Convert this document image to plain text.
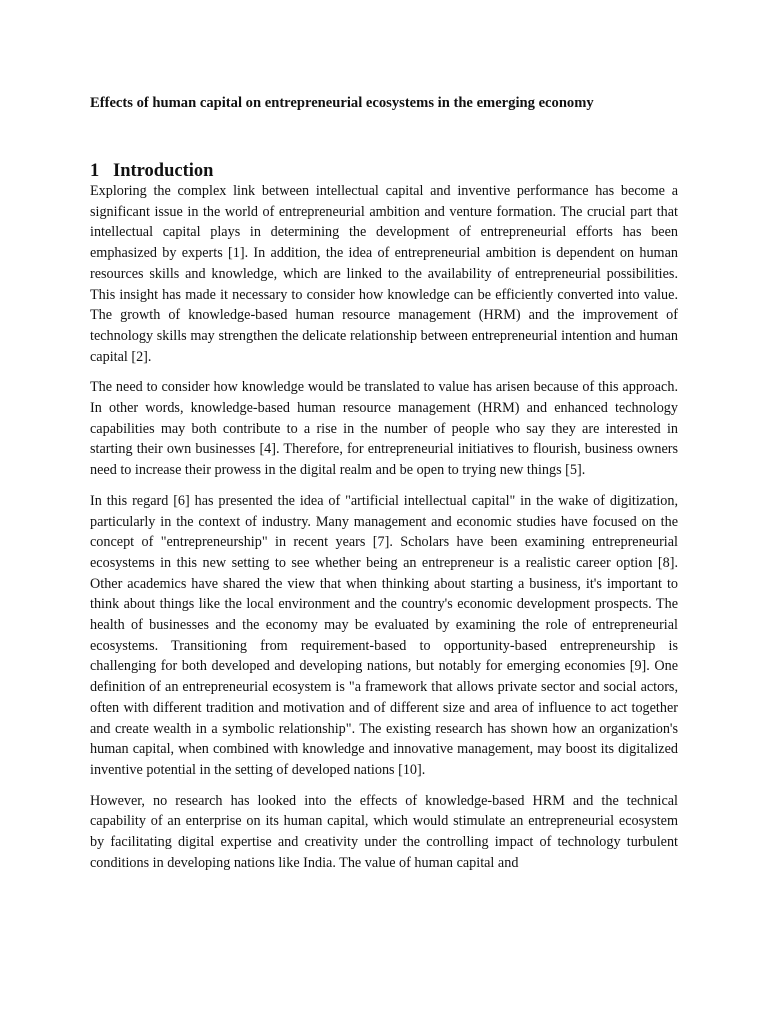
Effects of human capital on entrepreneurial ecosystems in the emerging economy
1 Introduction

Exploring the complex link between intellectual capital and inventive performance has become a significant issue in the world of entrepreneurial ambition and venture formation. The crucial part that intellectual capital plays in determining the development of entrepreneurial efforts has been emphasized by experts [1]. In addition, the idea of entrepreneurial ambition is dependent on human resources skills and knowledge, which are linked to the availability of entrepreneurial possibilities. This insight has made it necessary to consider how knowledge can be efficiently converted into value. The growth of knowledge-based human resource management (HRM) and the improvement of technology skills may strengthen the delicate relationship between entrepreneurial intention and human capital [2].

The need to consider how knowledge would be translated to value has arisen because of this approach. In other words, knowledge-based human resource management (HRM) and enhanced technology capabilities may both contribute to a rise in the number of people who say they are interested in starting their own businesses [4]. Therefore, for entrepreneurial initiatives to flourish, business owners need to increase their prowess in the digital realm and be open to trying new things [5].

In this regard [6] has presented the idea of "artificial intellectual capital" in the wake of digitization, particularly in the context of industry. Many management and economic studies have focused on the concept of "entrepreneurship" in recent years [7]. Scholars have been examining entrepreneurial ecosystems in this new setting to see whether being an entrepreneur is a realistic career option [8]. Other academics have shared the view that when thinking about starting a business, it's important to think about things like the local environment and the country's economic development prospects. The health of businesses and the economy may be evaluated by examining the role of entrepreneurial ecosystems. Transitioning from requirement-based to opportunity-based entrepreneurship is challenging for both developed and developing nations, but notably for emerging economies [9]. One definition of an entrepreneurial ecosystem is "a framework that allows private sector and social actors, often with different tradition and motivation and of different size and area of influence to act together and create wealth in a symbolic relationship". The existing research has shown how an organization's human capital, when combined with knowledge and innovative management, may boost its digitalized inventive potential in the setting of developed nations [10].

However, no research has looked into the effects of knowledge-based HRM and the technical capability of an enterprise on its human capital, which would stimulate an entrepreneurial ecosystem by facilitating digital expertise and creativity under the controlling impact of technology turbulent conditions in developing nations like India. The value of human capital and
